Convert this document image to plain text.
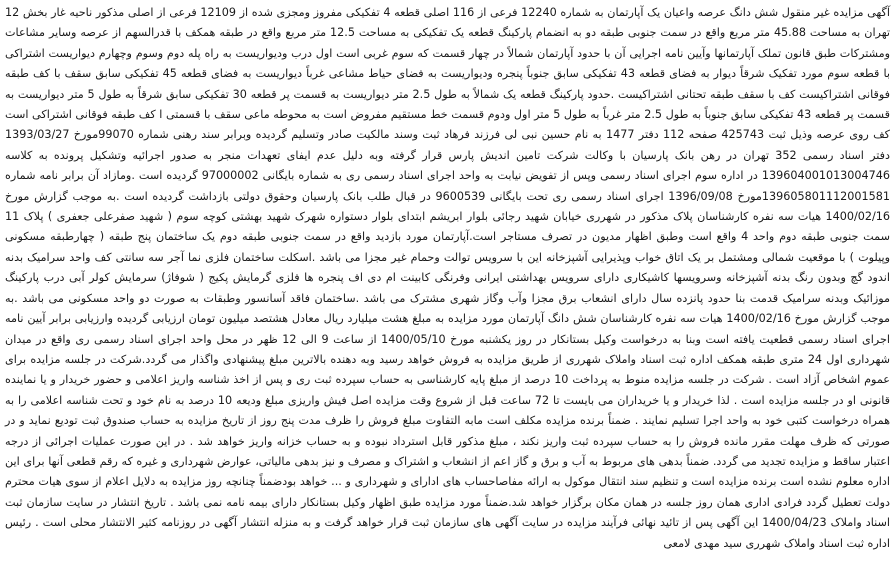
آگهی مزایده غیر منقول شش دانگ عرصه واعیان یک آپارتمان به شماره 12240 فرعی از 116 اصلی قطعه 4 تفکیکی مفروز ومجزی شده از 12109 فرعی از اصلی مذکور ناحیه غار بخش 12 تهران به مساحت 45.88 متر مربع واقع در سمت جنوبی طبقه دو به انضمام پارکینگ قطعه یک تفکیکی به مساحت 12.5 متر مربع واقع در طبقه همکف با قدرالسهم از عرصه وسایر مشاعات ومشترکات طبق قانون تملک آپارتمانها وآیین نامه اجرایی آن با حدود آپارتمان شمالاً در چهار قسمت که سوم غربی است اول درب ودیواریست به راه پله دوم وسوم وچهارم دیواریست اشتراکی با قطعه سوم مورد تفکیک شرقاً دیوار به فضای قطعه 43 تفکیکی سابق جنوباً پنجره ودیواریست به فضای حیاط مشاعی غرباً دیواریست به فضای قطعه 45 تفکیکی سابق سقف با کف طبقه فوقانی اشتراکیست کف با سقف طبقه تحتانی اشتراکیست .حدود پارکینگ قطعه یک شمالاً به طول 2.5 متر دیواریست به قسمت پر قطعه 30 تفکیکی سابق شرقاً به طول 5 متر دیواریست به قسمت پر قطعه 43 تفکیکی سابق جنوباً به طول 2.5 متر غرباً به طول 5 متر اول ودوم قسمت خط مستقیم مفروض است به محوطه ماعی سقف با قسمتی ا کف طبقه فوقانی اشتراکی است کف روی عرصه وذیل ثبت 425743 صفحه 112 دفتر 1477 به نام حسین نبی لی فرزند فرهاد ثبت وسند مالکیت صادر وتسلیم گردیده وبرابر سند رهنی شماره 99070مورخ 1393/03/27 دفتر اسناد رسمی 352 تهران در رهن بانک پارسیان با وکالت شرکت تامین اندیش پارس قرار گرفته وبه دلیل عدم ایفای تعهدات منجر به صدور اجرائیه وتشکیل پرونده به کلاسه 139604001013004746 در اداره سوم اجرای اسناد رسمی وپس از تفویض نیابت به واحد اجرای اسناد رسمی ری به شماره بایگانی 97000002 گردیده است .ومازاد آن برابر نامه شماره 139605801112001581مورخ 1396/09/08 اجرای اسناد رسمی ری تحت بایگانی 9600539 در قبال طلب بانک پارسیان وحقوق دولتی بازداشت گردیده است .به موجب گزارش مورخ 1400/02/16 هیات سه نفره کارشناسان پلاک مذکور در شهرری خیابان شهید رجائی بلوار ابریشم ابتدای بلوار دستواره شهرک شهید بهشتی کوچه سوم ( شهید صفرعلی جعفری ) پلاک 11 سمت جنوبی طبقه دوم واحد 4 واقع است وطبق اظهار مدیون در تصرف مستاجر است.آپارتمان مورد بازدید واقع در سمت جنوبی طبقه دوم یک ساختمان پنج طبقه ( چهارطبقه مسکونی وپیلوت ) با موقعیت شمالی ومشتمل بر یک اتاق خواب وپذیرایی آشپزخانه این با سرویس توالت وحمام غیر مجزا می باشد .اسکلت ساختمان فلزی نما آجر سه سانتی کف واحد سرامیک بدنه اندود گچ وبدون رنگ بدنه آشپزخانه وسرویسها کاشیکاری دارای سرویس بهداشتی ایرانی وفرنگی کابینت ام دی اف پنجره ها فلزی گرمایش پکیج ( شوفاژ) سرمایش کولر آبی درب پارکینگ موزائیک وبدنه سرامیک قدمت بنا حدود پانزده سال دارای انشعاب برق مجزا وآب وگاز شهری مشترک می باشد .ساختمان فاقد آسانسور وطبقات به صورت دو واحد مسکونی می باشد .به موجب گزارش مورخ 1400/02/16 هیات سه نفره کارشناسان شش دانگ آپارتمان مورد مزایده به مبلغ هشت میلیارد ریال معادل هشتصد میلیون تومان ارزیابی گردیده وارزیابی برابر آیین نامه اجرای اسناد رسمی قطعیت یافته است وبنا به درخواست وکیل بستانکار در روز یکشنبه مورخ 1400/05/10 از ساعت 9 الی 12 ظهر در محل واحد اجرای اسناد رسمی ری واقع در میدان شهرداری اول 24 متری طبقه همکف اداره ثبت اسناد واملاک شهرری از طریق مزایده به فروش خواهد رسید وبه دهنده بالاترین مبلغ پیشنهادی واگذار می گردد.شرکت در جلسه مزایده برای عموم اشخاص آزاد است . شرکت در جلسه مزایده منوط به پرداخت 10 درصد از مبلغ پایه کارشناسی به حساب سپرده ثبت ری و پس از اخذ شناسه واریز اعلامی و حضور خریدار و یا نماینده قانونی او در جلسه مزایده است . لذا خریدار و یا خریداران می بایست تا 72 ساعت قبل از شروع وقت مزایده اصل فیش واریزی مبلغ ودیعه 10 درصد به نام خود و تحت شناسه اعلامی را به همراه درخواست کتبی خود به واحد اجرا تسلیم نمایند . ضمناً برنده مزایده مکلف است مابه التفاوت مبلغ فروش را ظرف مدت پنج روز از تاریخ مزایده به حساب صندوق ثبت تودیع نماید و در صورتی که ظرف مهلت مقرر مانده فروش را به حساب سپرده ثبت واریز نکند ، مبلغ مذکور قابل استرداد نبوده و به حساب خزانه واریز خواهد شد . در این صورت عملیات اجرائی از درجه اعتبار ساقط و مزایده تجدید می گردد. ضمناً بدهی های مربوط به آب و برق و گاز اعم از انشعاب و اشتراک و مصرف و نیز بدهی مالیاتی، عوارض شهرداری و غیره که رقم قطعی آنها برای این اداره معلوم نشده است برنده مزایده است و تنظیم سند انتقال موکول به ارائه مفاصاحساب های ادارای و شهرداری و ... خواهد بودضمناً چنانچه روز مزایده به دلایل اعلام از سوی هیات محترم دولت تعطیل گردد فرادی اداری همان روز جلسه در همان مکان برگزار خواهد شد.ضمناً مورد مزایده طبق اظهار وکیل بستانکار دارای بیمه نامه نمی باشد . تاریخ انتشار در سایت سازمان ثبت اسناد واملاک 1400/04/23 این آگهی پس از تائید نهائی فرآیند مزایده در سایت آگهی های سازمان ثبت قرار خواهد گرفت و به منزله انتشار آگهی در روزنامه کثیر الانتشار محلی است . رئیس اداره ثبت اسناد واملاک شهرری سید مهدی لامعی
